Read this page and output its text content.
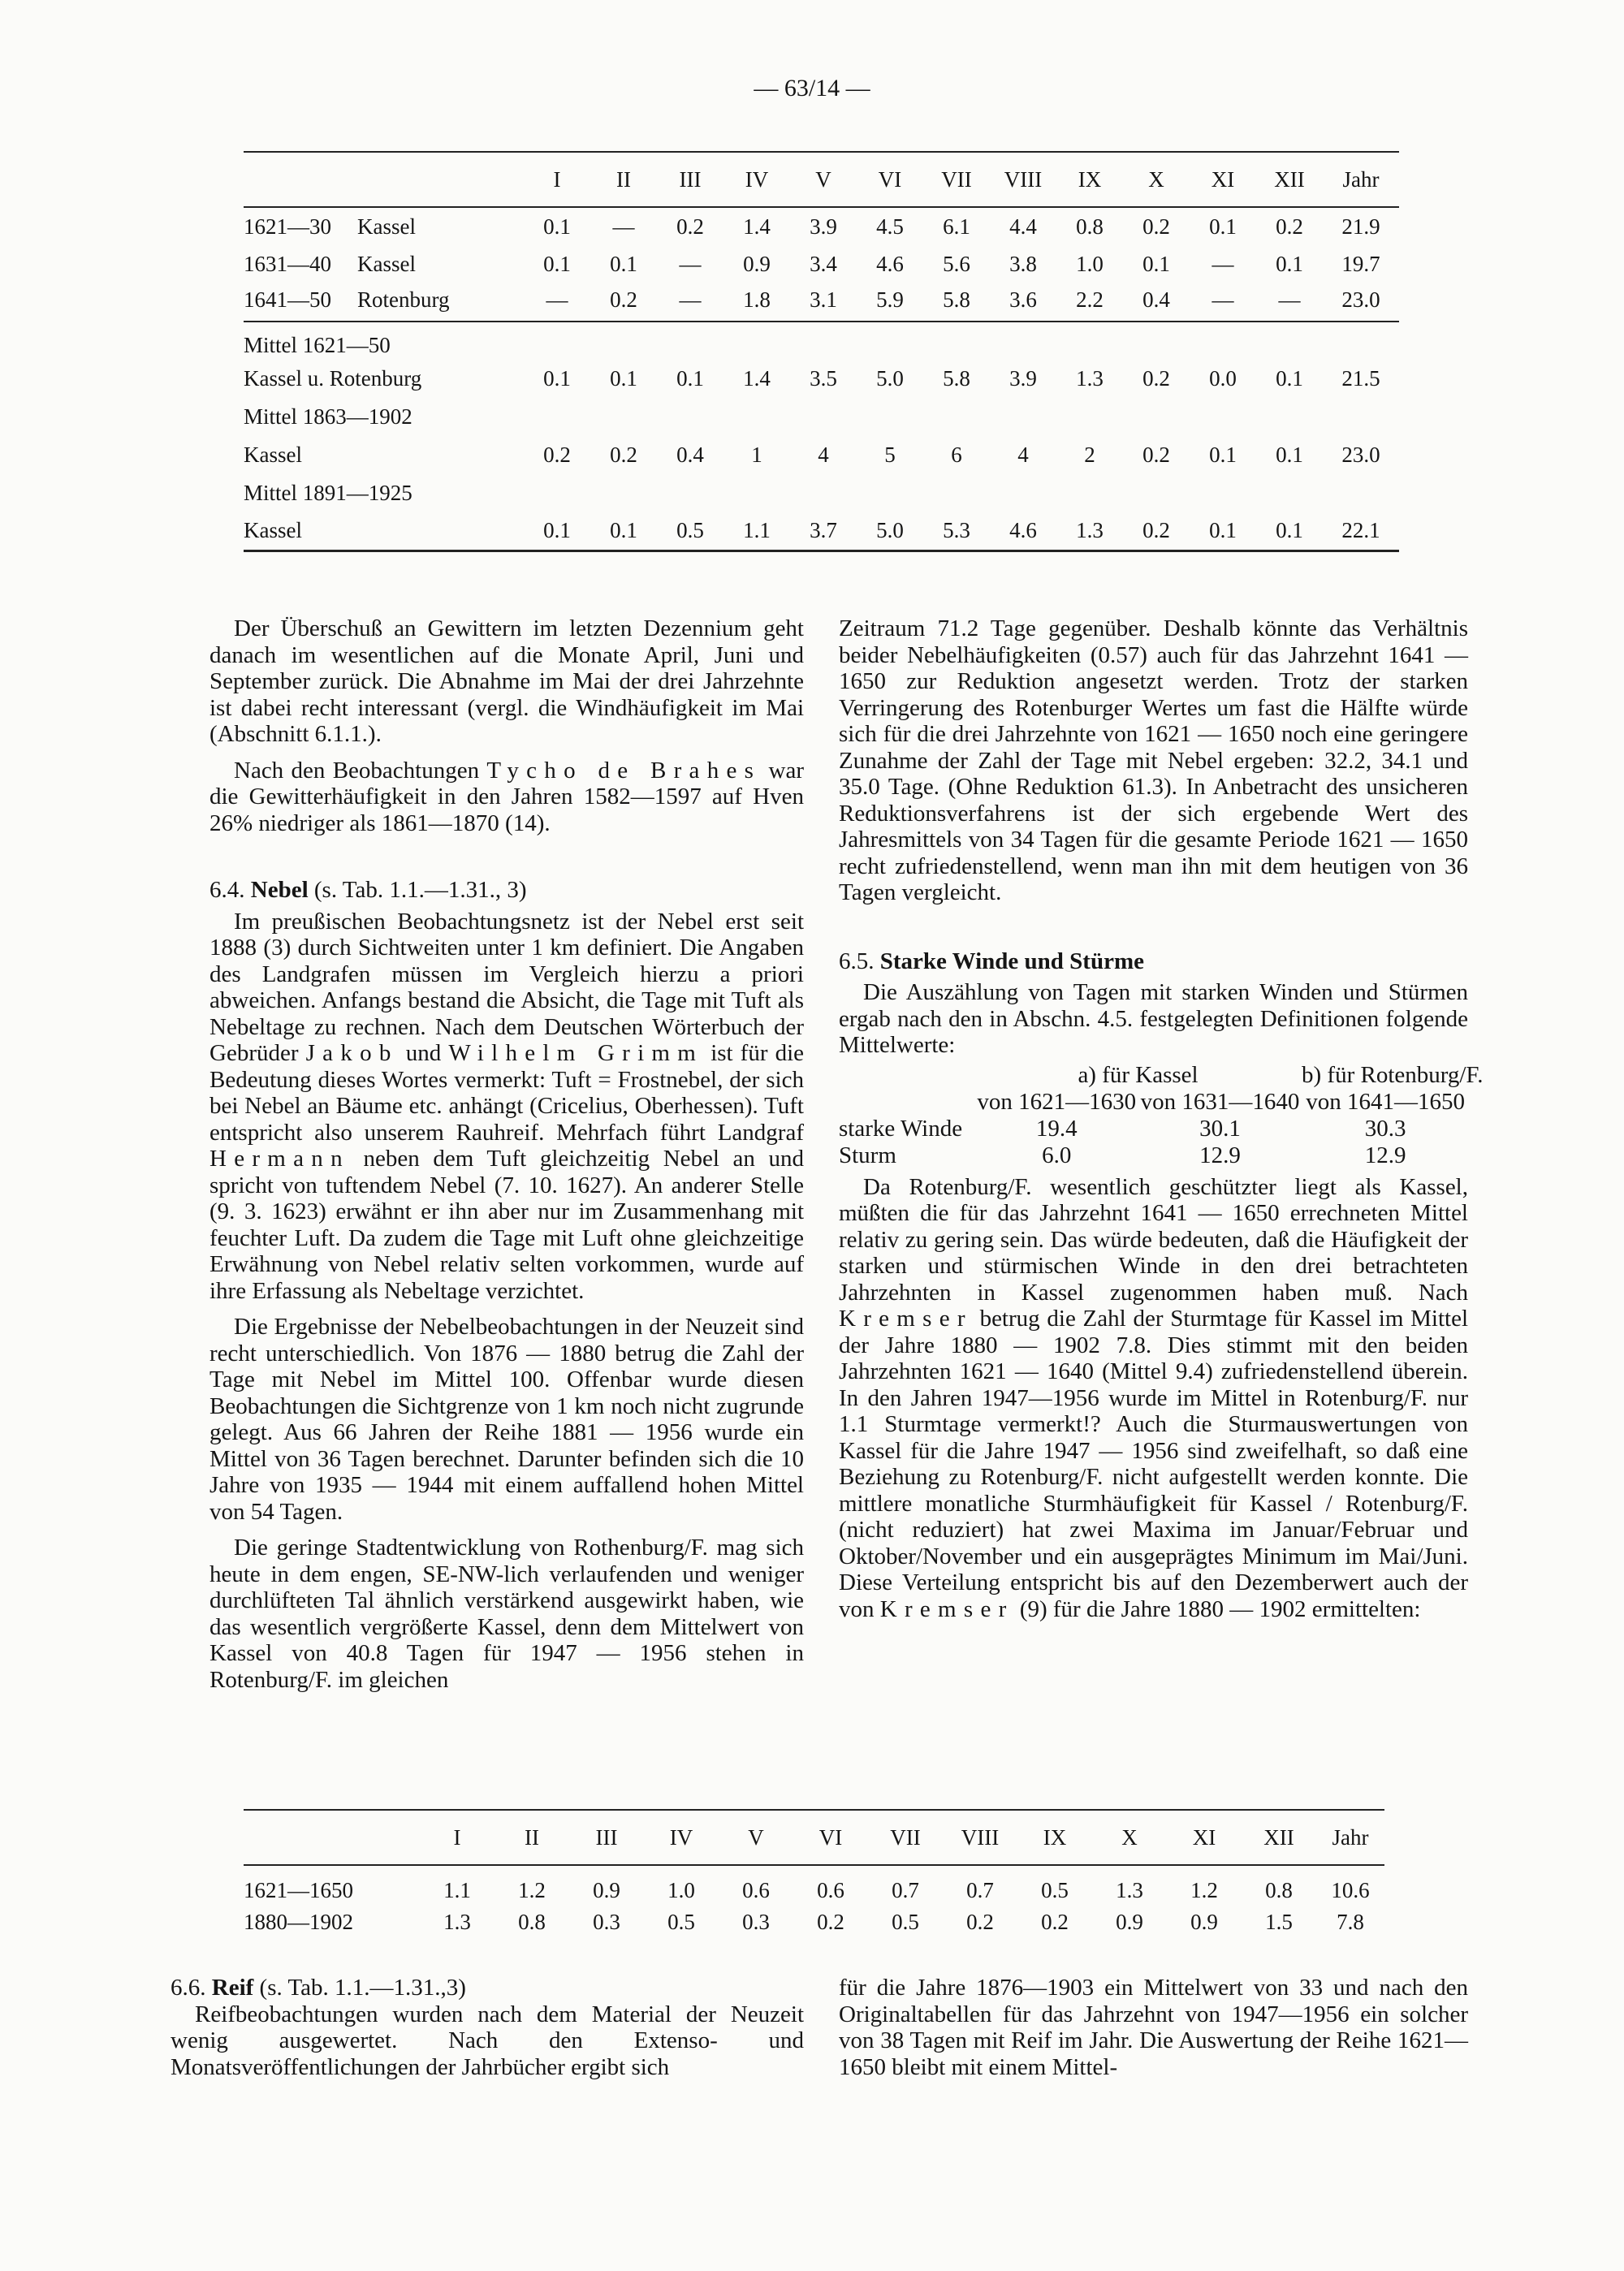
— 63/14 —
	I	II	III	IV	V	VI	VII	VIII	IX	X	XI	XII	Jahr
1621—30 Kassel	0.1	—	0.2	1.4	3.9	4.5	6.1	4.4	0.8	0.2	0.1	0.2	21.9
1631—40 Kassel	0.1	0.1	—	0.9	3.4	4.6	5.6	3.8	1.0	0.1	—	0.1	19.7
1641—50 Rotenburg	—	0.2	—	1.8	3.1	5.9	5.8	3.6	2.2	0.4	—	—	23.0
Mittel 1621—50													
Kassel u. Rotenburg	0.1	0.1	0.1	1.4	3.5	5.0	5.8	3.9	1.3	0.2	0.0	0.1	21.5
Mittel 1863—1902													
Kassel	0.2	0.2	0.4	1	4	5	6	4	2	0.2	0.1	0.1	23.0
Mittel 1891—1925													
Kassel	0.1	0.1	0.5	1.1	3.7	5.0	5.3	4.6	1.3	0.2	0.1	0.1	22.1

Der Überschuß an Gewittern im letzten Dezennium geht danach im wesentlichen auf die Monate April, Juni und September zurück. Die Abnahme im Mai der drei Jahrzehnte ist dabei recht interessant (vergl. die Windhäufigkeit im Mai (Abschnitt 6.1.1.).

Nach den Beobachtungen Tycho de Brahes war die Gewitterhäufigkeit in den Jahren 1582—1597 auf Hven 26% niedriger als 1861—1870 (14).

6.4. Nebel (s. Tab. 1.1.—1.31., 3)

Im preußischen Beobachtungsnetz ist der Nebel erst seit 1888 (3) durch Sichtweiten unter 1 km definiert. Die Angaben des Landgrafen müssen im Vergleich hierzu a priori abweichen. Anfangs bestand die Absicht, die Tage mit Tuft als Nebeltage zu rechnen. Nach dem Deutschen Wörterbuch der Gebrüder Jakob und Wilhelm Grimm ist für die Bedeutung dieses Wortes vermerkt: Tuft = Frostnebel, der sich bei Nebel an Bäume etc. anhängt (Cricelius, Oberhessen). Tuft entspricht also unserem Rauhreif. Mehrfach führt Landgraf Hermann neben dem Tuft gleichzeitig Nebel an und spricht von tuftendem Nebel (7. 10. 1627). An anderer Stelle (9. 3. 1623) erwähnt er ihn aber nur im Zusammenhang mit feuchter Luft. Da zudem die Tage mit Luft ohne gleichzeitige Erwähnung von Nebel relativ selten vorkommen, wurde auf ihre Erfassung als Nebeltage verzichtet.

Die Ergebnisse der Nebelbeobachtungen in der Neuzeit sind recht unterschiedlich. Von 1876 — 1880 betrug die Zahl der Tage mit Nebel im Mittel 100. Offenbar wurde diesen Beobachtungen die Sichtgrenze von 1 km noch nicht zugrunde gelegt. Aus 66 Jahren der Reihe 1881 — 1956 wurde ein Mittel von 36 Tagen berechnet. Darunter befinden sich die 10 Jahre von 1935 — 1944 mit einem auffallend hohen Mittel von 54 Tagen.

Die geringe Stadtentwicklung von Rothenburg/F. mag sich heute in dem engen, SE-NW-lich verlaufenden und weniger durchlüfteten Tal ähnlich verstärkend ausgewirkt haben, wie das wesentlich vergrößerte Kassel, denn dem Mittelwert von Kassel von 40.8 Tagen für 1947 — 1956 stehen in Rotenburg/F. im gleichen

Zeitraum 71.2 Tage gegenüber. Deshalb könnte das Verhältnis beider Nebelhäufigkeiten (0.57) auch für das Jahrzehnt 1641 — 1650 zur Reduktion angesetzt werden. Trotz der starken Verringerung des Rotenburger Wertes um fast die Hälfte würde sich für die drei Jahrzehnte von 1621 — 1650 noch eine geringere Zunahme der Zahl der Tage mit Nebel ergeben: 32.2, 34.1 und 35.0 Tage. (Ohne Reduktion 61.3). In Anbetracht des unsicheren Reduktionsverfahrens ist der sich ergebende Wert des Jahresmittels von 34 Tagen für die gesamte Periode 1621 — 1650 recht zufriedenstellend, wenn man ihn mit dem heutigen von 36 Tagen vergleicht.

6.5. Starke Winde und Stürme

Die Auszählung von Tagen mit starken Winden und Stürmen ergab nach den in Abschn. 4.5. festgelegten Definitionen folgende Mittelwerte:

a) für Kassel	b) für Rotenburg/F.
von 1621—1630 von 1631—1640 von 1641—1650
starke Winde	19.4	30.1	30.3
Sturm	6.0	12.9	12.9

Da Rotenburg/F. wesentlich geschützter liegt als Kassel, müßten die für das Jahrzehnt 1641 — 1650 errechneten Mittel relativ zu gering sein. Das würde bedeuten, daß die Häufigkeit der starken und stürmischen Winde in den drei betrachteten Jahrzehnten in Kassel zugenommen haben muß. Nach Kremser betrug die Zahl der Sturmtage für Kassel im Mittel der Jahre 1880 — 1902 7.8. Dies stimmt mit den beiden Jahrzehnten 1621 — 1640 (Mittel 9.4) zufriedenstellend überein. In den Jahren 1947—1956 wurde im Mittel in Rotenburg/F. nur 1.1 Sturmtage vermerkt!? Auch die Sturmauswertungen von Kassel für die Jahre 1947 — 1956 sind zweifelhaft, so daß eine Beziehung zu Rotenburg/F. nicht aufgestellt werden konnte. Die mittlere monatliche Sturmhäufigkeit für Kassel / Rotenburg/F. (nicht reduziert) hat zwei Maxima im Januar/Februar und Oktober/November und ein ausgeprägtes Minimum im Mai/Juni. Diese Verteilung entspricht bis auf den Dezemberwert auch der von Kremser (9) für die Jahre 1880 — 1902 ermittelten:

	I	II	III	IV	V	VI	VII	VIII	IX	X	XI	XII	Jahr
1621—1650	1.1	1.2	0.9	1.0	0.6	0.6	0.7	0.7	0.5	1.3	1.2	0.8	10.6
1880—1902	1.3	0.8	0.3	0.5	0.3	0.2	0.5	0.2	0.2	0.9	0.9	1.5	7.8
6.6. Reif (s. Tab. 1.1.—1.31.,3)

Reifbeobachtungen wurden nach dem Material der Neuzeit wenig ausgewertet. Nach den Extenso- und Monatsveröffentlichungen der Jahrbücher ergibt sich

für die Jahre 1876—1903 ein Mittelwert von 33 und nach den Originaltabellen für das Jahrzehnt von 1947—1956 ein solcher von 38 Tagen mit Reif im Jahr. Die Auswertung der Reihe 1621—1650 bleibt mit einem Mittel-
